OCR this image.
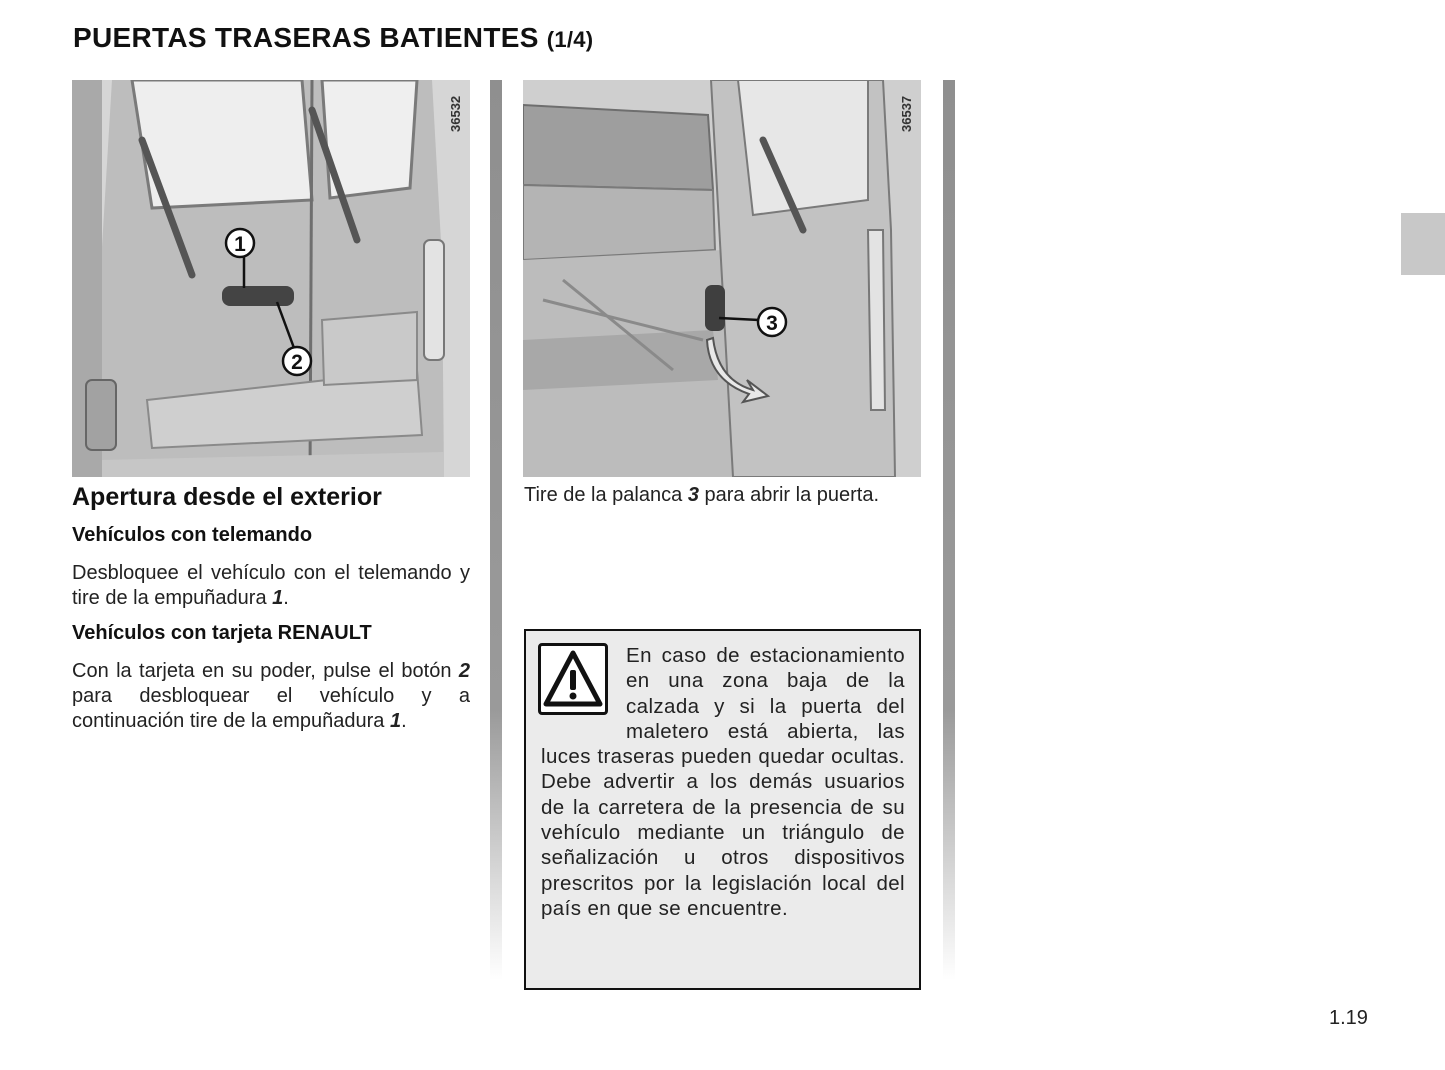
PUERTAS TRASERAS BATIENTES (1/4)
36532
1
2
36537
3
Apertura desde el exterior
Vehículos con telemando

Desbloquee el vehículo con el telemando y tire de la empuñadura 1.

Vehículos con tarjeta RENAULT

Con la tarjeta en su poder, pulse el botón 2 para desbloquear el vehículo y a continuación tire de la empuñadura 1.

Tire de la palanca 3 para abrir la puerta.

En caso de estacionamiento en una zona baja de la calzada y si la puerta del maletero está abierta, las luces traseras pueden quedar ocultas. Debe advertir a los demás usuarios de la carretera de la presencia de su vehículo mediante un triángulo de señalización u otros dispositivos prescritos por la legislación local del país en que se encuentre.

1.19
